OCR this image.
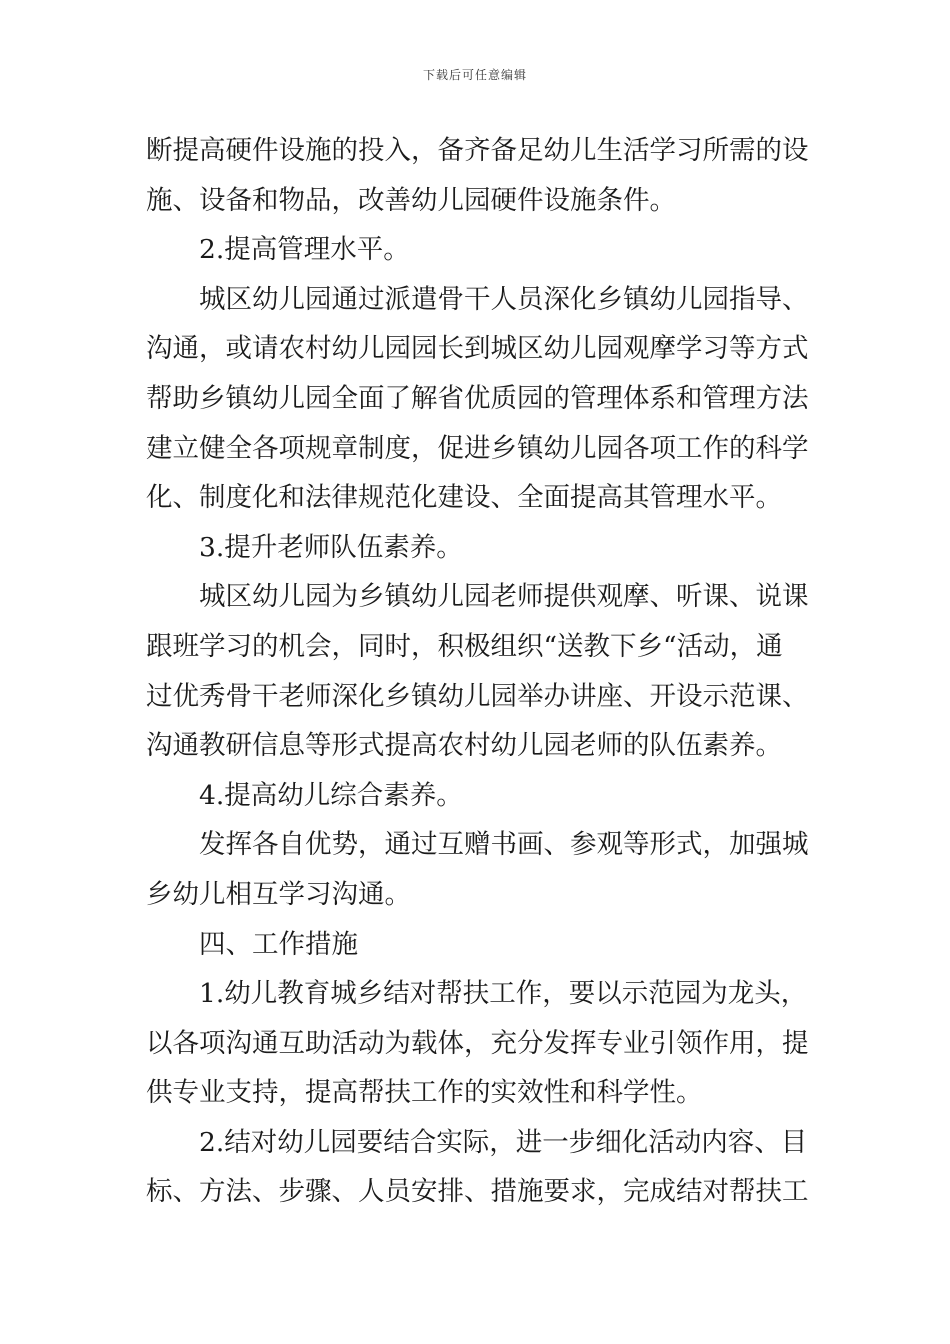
下载后可任意编辑
断提高硬件设施的投入，备齐备足幼儿生活学习所需的设
施、设备和物品，改善幼儿园硬件设施条件。
2.提高管理水平。
城区幼儿园通过派遣骨干人员深化乡镇幼儿园指导、
沟通，或请农村幼儿园园长到城区幼儿园观摩学习等方式
帮助乡镇幼儿园全面了解省优质园的管理体系和管理方法
建立健全各项规章制度，促进乡镇幼儿园各项工作的科学
化、制度化和法律规范化建设、全面提高其管理水平。
3.提升老师队伍素养。
城区幼儿园为乡镇幼儿园老师提供观摩、听课、说课
跟班学习的机会，同时，积极组织“送教下乡“活动，通
过优秀骨干老师深化乡镇幼儿园举办讲座、开设示范课、
沟通教研信息等形式提高农村幼儿园老师的队伍素养。
4.提高幼儿综合素养。
发挥各自优势，通过互赠书画、参观等形式，加强城
乡幼儿相互学习沟通。
四、工作措施
1.幼儿教育城乡结对帮扶工作，要以示范园为龙头，
以各项沟通互助活动为载体，充分发挥专业引领作用，提
供专业支持，提高帮扶工作的实效性和科学性。
2.结对幼儿园要结合实际，进一步细化活动内容、目
标、方法、步骤、人员安排、措施要求，完成结对帮扶工
